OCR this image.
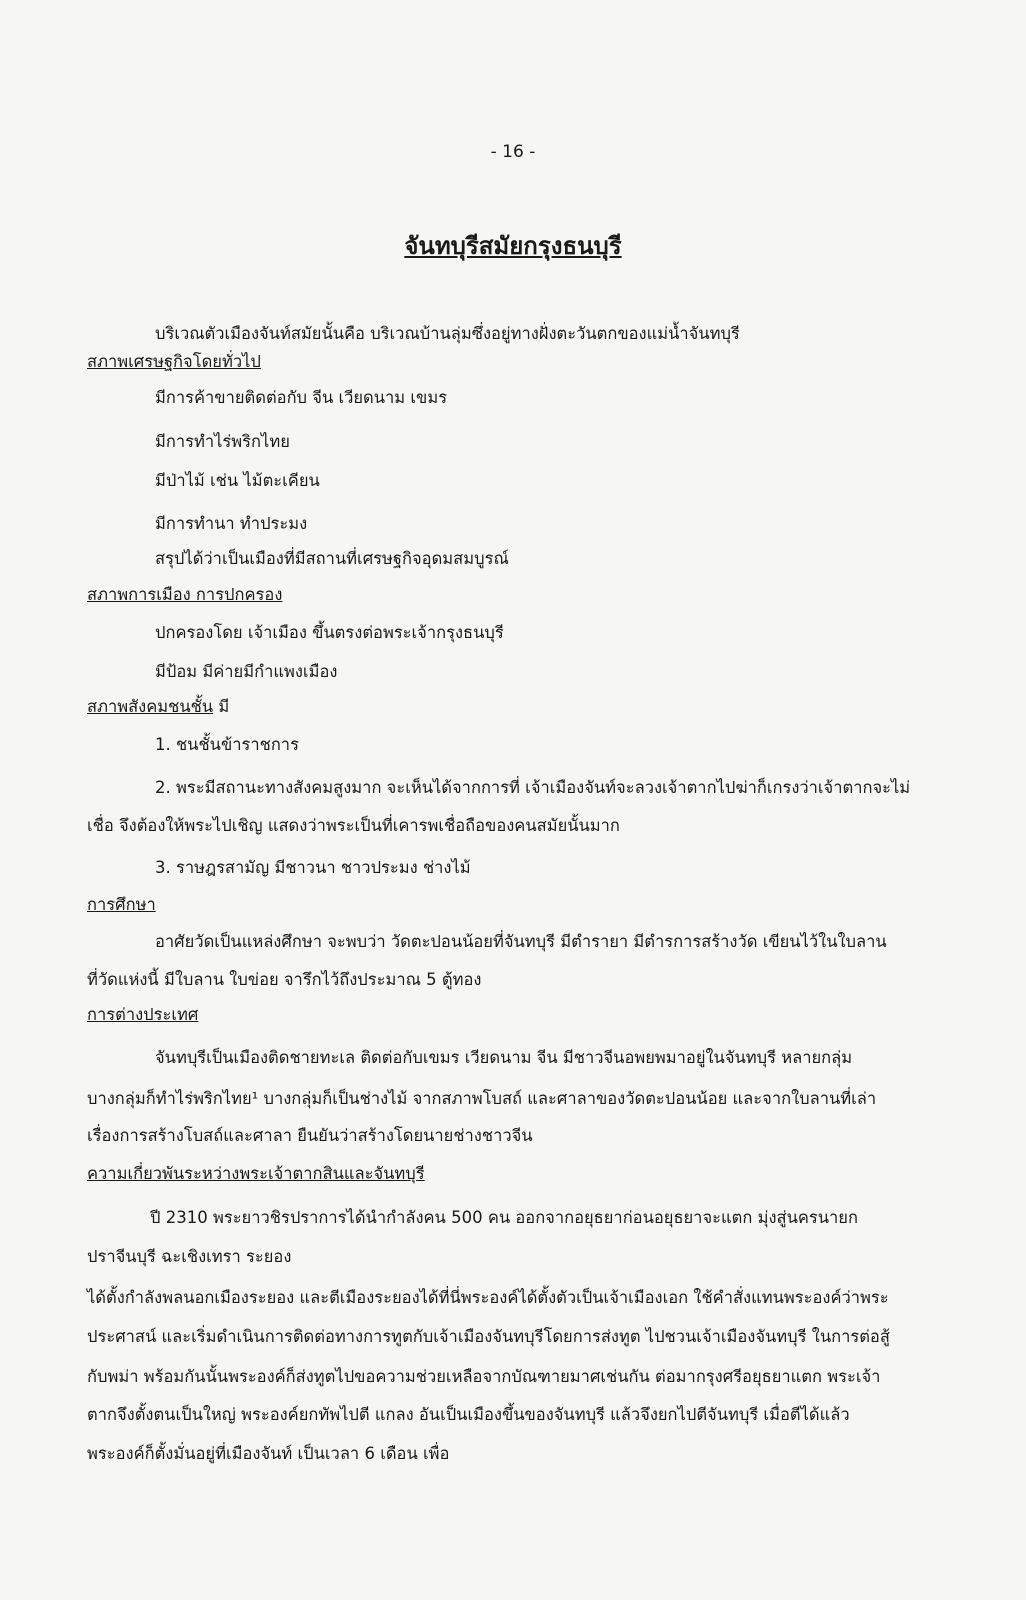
- 16 -
จันทบุรีสมัยกรุงธนบุรี
บริเวณตัวเมืองจันท์สมัยนั้นคือ บริเวณบ้านลุ่มซึ่งอยู่ทางฝั่งตะวันตกของแม่น้ำจันทบุรี
สภาพเศรษฐกิจโดยทั่วไป
มีการค้าขายติดต่อกับ จีน เวียดนาม เขมร
มีการทำไร่พริกไทย
มีป่าไม้ เช่น ไม้ตะเคียน
มีการทำนา ทำประมง
สรุปได้ว่าเป็นเมืองที่มีสถานที่เศรษฐกิจอุดมสมบูรณ์
สภาพการเมือง การปกครอง
ปกครองโดย เจ้าเมือง ขึ้นตรงต่อพระเจ้ากรุงธนบุรี
มีป้อม มีค่ายมีกำแพงเมือง
สภาพสังคมชนชั้น มี
1. ชนชั้นข้าราชการ
2. พระมีสถานะทางสังคมสูงมาก จะเห็นได้จากการที่ เจ้าเมืองจันท์จะลวงเจ้าตากไปฆ่าก็เกรงว่าเจ้าตากจะไม่
เชื่อ จึงต้องให้พระไปเชิญ แสดงว่าพระเป็นที่เคารพเชื่อถือของคนสมัยนั้นมาก
3. ราษฎรสามัญ มีชาวนา ชาวประมง ช่างไม้
การศึกษา
อาศัยวัดเป็นแหล่งศึกษา จะพบว่า วัดตะปอนน้อยที่จันทบุรี มีตำรายา มีตำรการสร้างวัด เขียนไว้ในใบลาน
ที่วัดแห่งนี้ มีใบลาน ใบข่อย จารึกไว้ถึงประมาณ 5 ตู้ทอง
การต่างประเทศ
จันทบุรีเป็นเมืองติดชายทะเล ติดต่อกับเขมร เวียดนาม จีน มีชาวจีนอพยพมาอยู่ในจันทบุรี หลายกลุ่ม
บางกลุ่มก็ทำไร่พริกไทย¹ บางกลุ่มก็เป็นช่างไม้ จากสภาพโบสถ์ และศาลาของวัดตะปอนน้อย และจากใบลานที่เล่า
เรื่องการสร้างโบสถ์และศาลา ยืนยันว่าสร้างโดยนายช่างชาวจีน
ความเกี่ยวพันระหว่างพระเจ้าตากสินและจันทบุรี
ปี 2310 พระยาวชิรปราการได้นำกำลังคน 500 คน ออกจากอยุธยาก่อนอยุธยาจะแตก มุ่งสู่นครนายก
ปราจีนบุรี ฉะเชิงเทรา ระยอง
ได้ตั้งกำลังพลนอกเมืองระยอง และตีเมืองระยองได้ที่นี่พระองค์ได้ตั้งตัวเป็นเจ้าเมืองเอก ใช้คำสั่งแทนพระองค์ว่าพระ
ประศาสน์ และเริ่มดำเนินการติดต่อทางการทูตกับเจ้าเมืองจันทบุรีโดยการส่งทูต ไปชวนเจ้าเมืองจันทบุรี ในการต่อสู้
กับพม่า พร้อมกันนั้นพระองค์ก็ส่งทูตไปขอความช่วยเหลือจากบัณฑายมาศเช่นกัน ต่อมากรุงศรีอยุธยาแตก พระเจ้า
ตากจึงตั้งตนเป็นใหญ่ พระองค์ยกทัพไปตี แกลง อันเป็นเมืองขึ้นของจันทบุรี แล้วจึงยกไปตีจันทบุรี เมื่อตีได้แล้ว
พระองค์ก็ตั้งมั่นอยู่ที่เมืองจันท์ เป็นเวลา 6 เดือน เพื่อ
